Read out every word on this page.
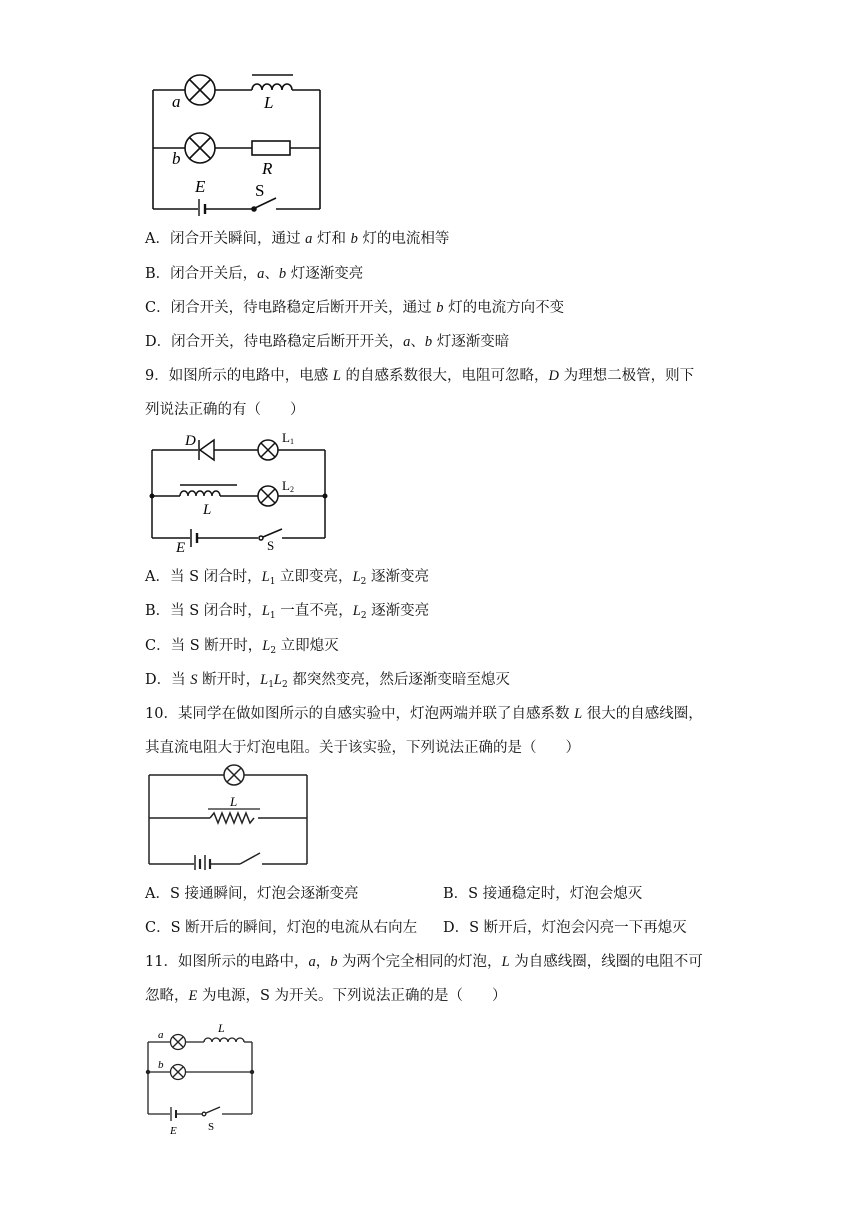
a	L
b
R
E	S
A．闭合开关瞬间，通过 a 灯和 b 灯的电流相等
B．闭合开关后，a、b 灯逐渐变亮
C．闭合开关，待电路稳定后断开开关，通过 b 灯的电流方向不变
D．闭合开关，待电路稳定后断开开关，a、b 灯逐渐变暗
9．如图所示的电路中，电感 L 的自感系数很大，电阻可忽略，D 为理想二极管，则下
列说法正确的有（　　）
D	L1
L2
L
E	S
A．当 S 闭合时，$L_1$ 立即变亮，$L_2$ 逐渐变亮
B．当 S 闭合时，$L_1$ 一直不亮，$L_2$ 逐渐变亮
C．当 S 断开时，$L_2$ 立即熄灭
D．当 S 断开时，$L_1L_2$ 都突然变亮，然后逐渐变暗至熄灭
10．某同学在做如图所示的自感实验中，灯泡两端并联了自感系数 L 很大的自感线圈，
其直流电阻大于灯泡电阻。关于该实验，下列说法正确的是（　　）
L
A．S 接通瞬间，灯泡会逐渐变亮	B．S 接通稳定时，灯泡会熄灭
C．S 断开后的瞬间，灯泡的电流从右向左 D．S 断开后，灯泡会闪亮一下再熄灭
11．如图所示的电路中，a，b 为两个完全相同的灯泡，L 为自感线圈，线圈的电阻不可
忽略，E 为电源，S 为开关。下列说法正确的是（　　）
a
b
L
E	S
